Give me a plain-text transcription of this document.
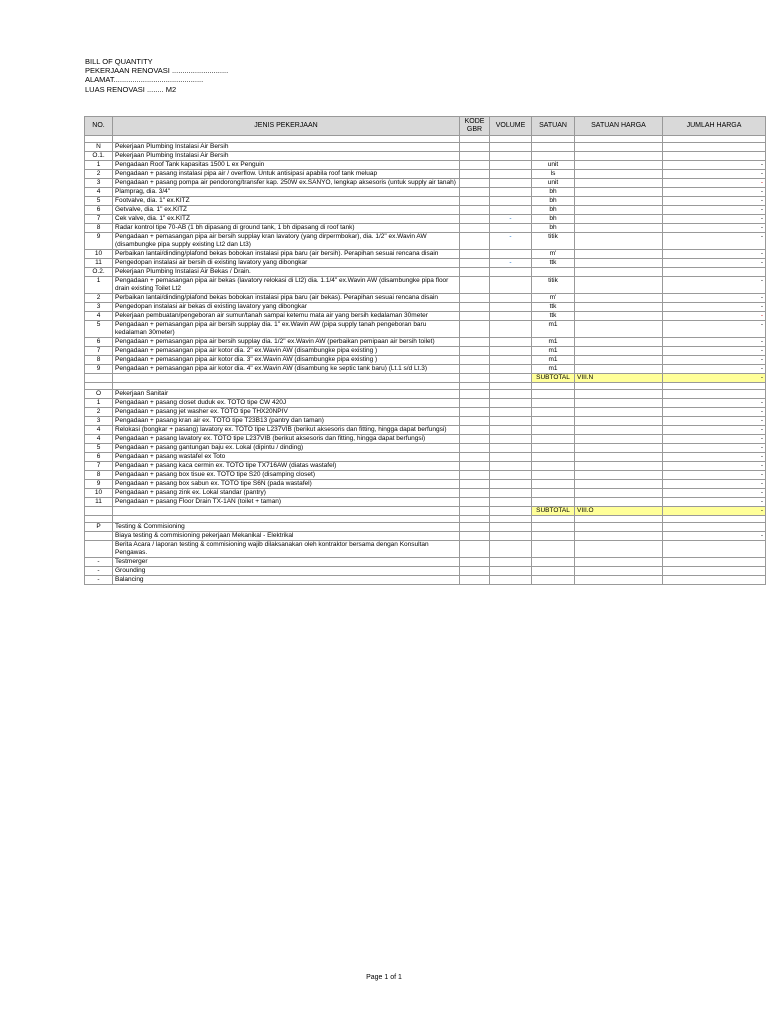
BILL OF QUANTITY
PEKERJAAN RENOVASI ...........................
ALAMAT...........................................
LUAS RENOVASI ........ M2
NO.	JENIS PEKERJAAN	KODE GBR	VOLUME	SATUAN	SATUAN HARGA	JUMLAH HARGA

N	Pekerjaan Plumbing Instalasi Air Bersih					
O.1.	Pekerjaan Plumbing Instalasi Air Bersih					
1	Pengadaan Roof Tank kapasitas 1500 L ex Penguin			unit		-
2	Pengadaan + pasang instalasi pipa air / overflow. Untuk antisipasi apabila roof tank meluap			ls		-
3	Pengadaan + pasang pompa air pendorong/transfer kap. 250W ex.SANYO, lengkap aksesoris (untuk supply air tanah)			unit		-
4	Plamprag, dia. 3/4"			bh		-
5	Footvalve, dia. 1" ex.KITZ			bh		-
6	Getvalve, dia. 1" ex.KITZ			bh		-
7	Cek valve, dia. 1" ex.KITZ		-	bh		-
8	Radar kontrol tipe 70-AB (1 bh dipasang di ground tank, 1 bh dipasang di roof tank)			bh		-
9	Pengadaan + pemasangan pipa air bersih supplay kran lavatory (yang dirpermbokar), dia. 1/2" ex.Wavin AW (disambungke pipa supply existing Lt2 dan Lt3)		-	titik		-
10	Perbaikan lantai/dinding/plafond bekas bobokan instalasi pipa baru (air bersih). Perapihan sesuai rencana disain			m'		-
11	Pengedopan instalasi air bersih di existing lavatory yang dibongkar		-	ttk		-
O.2.	Pekerjaan Plumbing Instalasi Air Bekas / Drain.					
1	Pengadaan + pemasangan pipa air bekas (lavatory relokasi di Lt2) dia. 1.1/4" ex.Wavin AW (disambungke pipa floor drain existing Toilet Lt2			titik		-
2	Perbaikan lantai/dinding/plafond bekas bobokan instalasi pipa baru (air bekas). Perapihan sesuai rencana disain			m'		-
3	Pengedopan instalasi air bekas di existing lavatory yang dibongkar			ttk		-
4	Pekerjaan pembuatan/pengeboran air sumur/tanah sampai ketemu mata air yang bersih kedalaman 30meter			ttk		-
5	Pengadaan + pemasangan pipa air bersih supplay dia. 1" ex.Wavin AW (pipa supply tanah pengeboran baru kedalaman 30meter)			m1		-
6	Pengadaan + pemasangan pipa air bersih supplay dia. 1/2" ex.Wavin AW (perbaikan pemipaan air bersih toilet)			m1		-
7	Pengadaan + pemasangan pipa air kotor dia. 2" ex.Wavin AW (disambungke pipa existing )			m1		-
8	Pengadaan + pemasangan pipa air kotor dia. 3" ex.Wavin AW (disambungke pipa existing )			m1		-
9	Pengadaan + pemasangan pipa air kotor dia. 4" ex.Wavin AW (disambung ke septic tank baru) (Lt.1 s/d Lt.3)			m1		-
				SUBTOTAL	VIII.N	-

O	Pekerjaan Sanitair					
1	Pengadaan + pasang closet duduk ex. TOTO tipe CW 420J					-
2	Pengadaan + pasang jet washer ex. TOTO tipe THX20NPIV					-
3	Pengadaan + pasang kran air ex. TOTO tipe T23B13 (pantry dan taman)					-
4	Relokasi (bongkar + pasang) lavatory ex. TOTO tipe L237VIB (berikut aksesoris dan fitting, hingga dapat berfungsi)					-
4	Pengadaan + pasang lavatory ex. TOTO tipe L237VIB (berikut aksesoris dan fitting, hingga dapat berfungsi)					-
5	Pengadaan + pasang gantungan baju ex. Lokal (dipintu / dinding)					-
6	Pengadaan + pasang wastafel ex Toto					-
7	Pengadaan + pasang kaca cermin ex. TOTO tipe TX716AW (diatas wastafel)					-
8	Pengadaan + pasang box tisue ex. TOTO tipe S20 (disamping closet)					-
9	Pengadaan + pasang box sabun ex. TOTO tipe S6N (pada wastafel)					-
10	Pengadaan + pasang zink ex. Lokal standar (pantry)					-
11	Pengadaan + pasang Floor Drain TX-1AN (toilet + taman)					-
				SUBTOTAL	VIII.O	-

P	Testing & Commisioning					
	Biaya testing & commisioning pekerjaan Mekanikal - Elektrikal					-
	Berita Acara / laporan testing & commisioning wajib dilaksanakan oleh kontraktor bersama dengan Konsultan Pengawas.					
-	Testmerger					
-	Grounding					
-	Balancing					
Page 1 of 1
